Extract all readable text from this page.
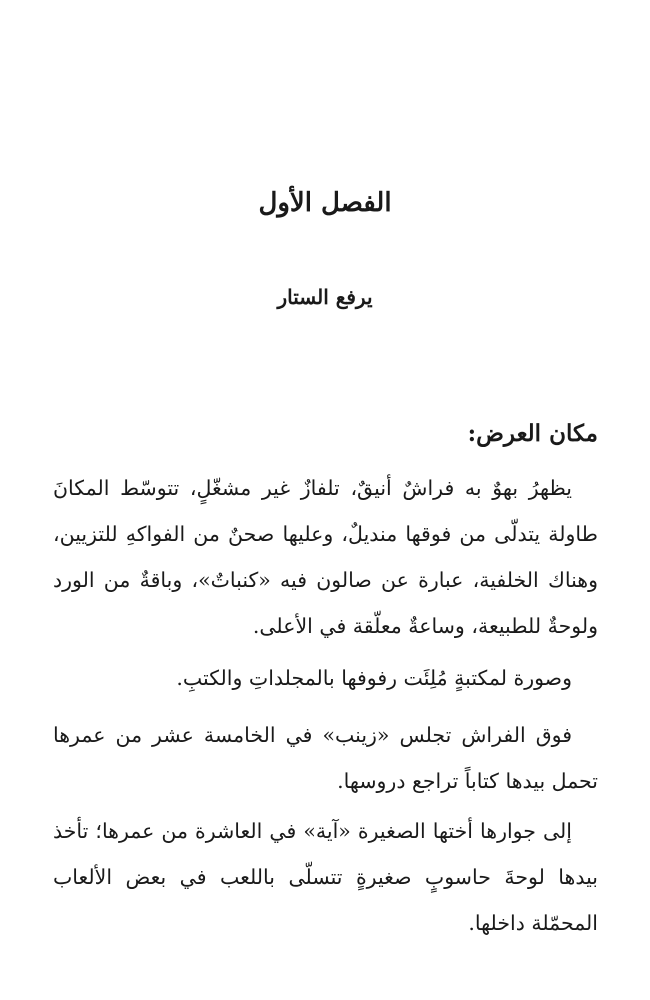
الفصل الأول
يرفع الستار
مكان العرض:

يظهرُ بهوٌ به فراشٌ أنيقٌ، تلفازٌ غير مشغّلٍ، تتوسّط المكانَ طاولة يتدلّى من فوقها منديلٌ، وعليها صحنٌ من الفواكهِ للتزيين، وهناك الخلفية، عبارة عن صالون فيه «كنباتٌ»، وباقةٌ من الورد ولوحةٌ للطبيعة، وساعةٌ معلّقة في الأعلى.

وصورة لمكتبةٍ مُلِئَت رفوفها بالمجلداتِ والكتبِ.

فوق الفراش تجلس «زينب» في الخامسة عشر من عمرها تحمل بيدها كتاباً تراجع دروسها.

إلى جوارها أختها الصغيرة «آية» في العاشرة من عمرها؛ تأخذ بيدها لوحةَ حاسوبٍ صغيرةٍ تتسلّى باللعب في بعض الألعاب المحمّلة داخلها.
